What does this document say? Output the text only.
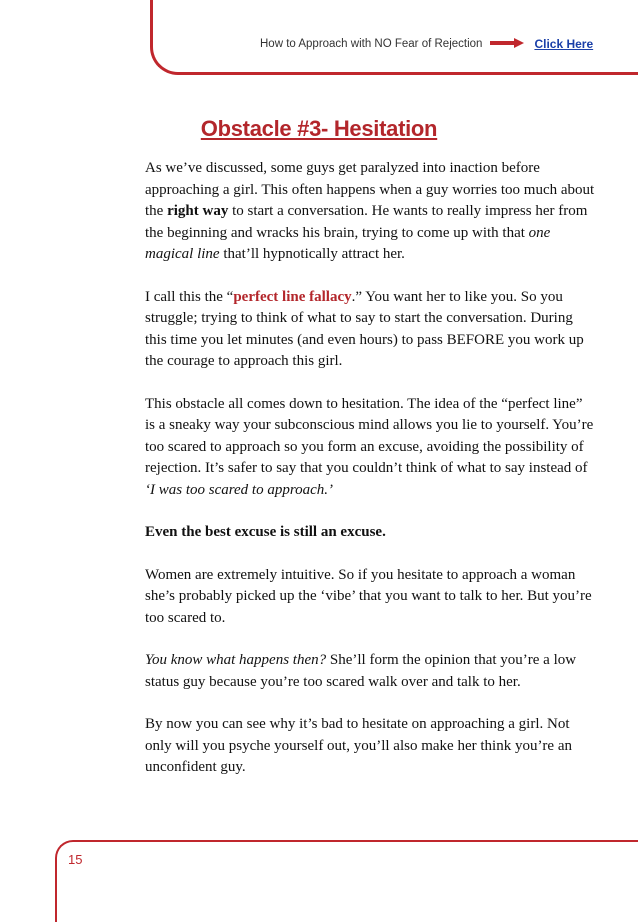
How to Approach with NO Fear of Rejection	Click Here
Obstacle #3- Hesitation

As we’ve discussed, some guys get paralyzed into inaction before approaching a girl. This often happens when a guy worries too much about the right way to start a conversation. He wants to really impress her from the beginning and wracks his brain, trying to come up with that one magical line that’ll hypnotically attract her.

I call this the “perfect line fallacy.” You want her to like you. So you struggle; trying to think of what to say to start the conversation. During this time you let minutes (and even hours) to pass BEFORE you work up the courage to approach this girl.

This obstacle all comes down to hesitation. The idea of the “perfect line” is a sneaky way your subconscious mind allows you lie to yourself. You’re too scared to approach so you form an excuse, avoiding the possibility of rejection. It’s safer to say that you couldn’t think of what to say instead of ‘I was too scared to approach.’

Even the best excuse is still an excuse.

Women are extremely intuitive. So if you hesitate to approach a woman she’s probably picked up the ‘vibe’ that you want to talk to her. But you’re too scared to.

You know what happens then? She’ll form the opinion that you’re a low status guy because you’re too scared walk over and talk to her.

By now you can see why it’s bad to hesitate on approaching a girl. Not only will you psyche yourself out, you’ll also make her think you’re an unconfident guy.

15
